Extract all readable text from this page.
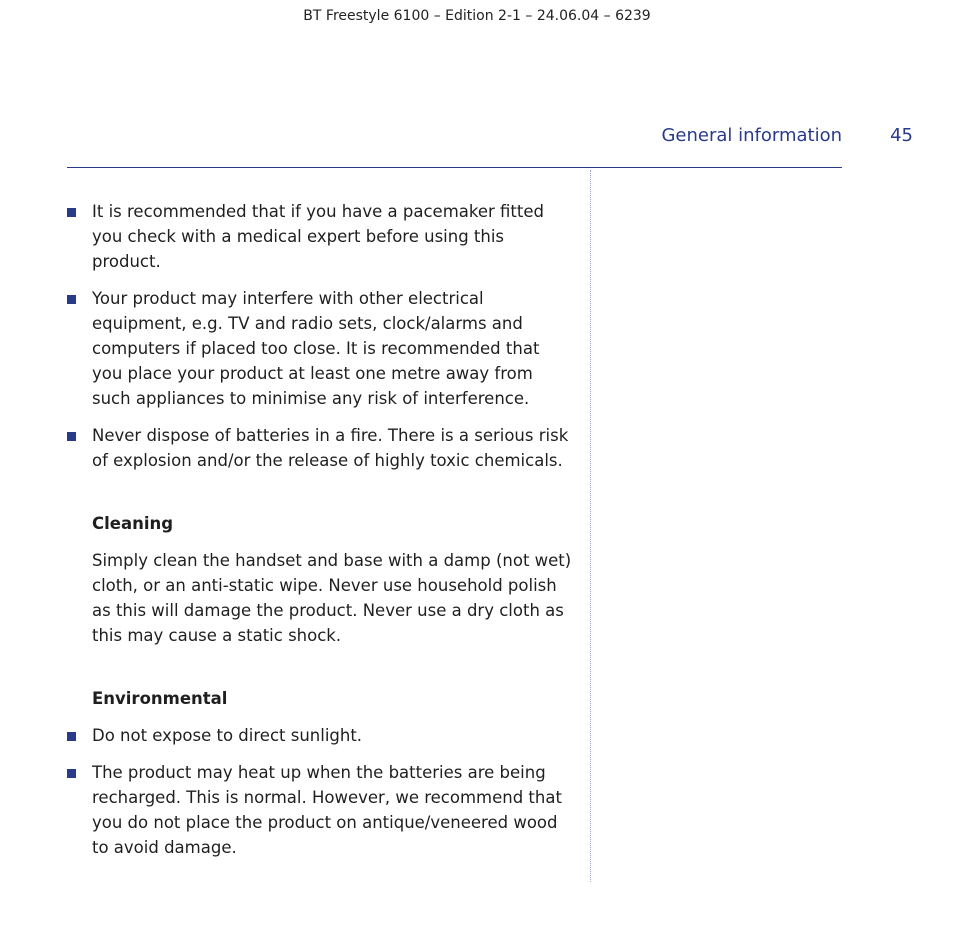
BT Freestyle 6100 – Edition 2-1 – 24.06.04 – 6239
General information	45
It is recommended that if you have a pacemaker fitted you check with a medical expert before using this product.
Your product may interfere with other electrical equipment, e.g. TV and radio sets, clock/alarms and computers if placed too close. It is recommended that you place your product at least one metre away from such appliances to minimise any risk of interference.
Never dispose of batteries in a fire. There is a serious risk of explosion and/or the release of highly toxic chemicals.
Cleaning

Simply clean the handset and base with a damp (not wet) cloth, or an anti-static wipe. Never use household polish as this will damage the product. Never use a dry cloth as this may cause a static shock.

Environmental
Do not expose to direct sunlight.
The product may heat up when the batteries are being recharged. This is normal. However, we recommend that you do not place the product on antique/veneered wood to avoid damage.
